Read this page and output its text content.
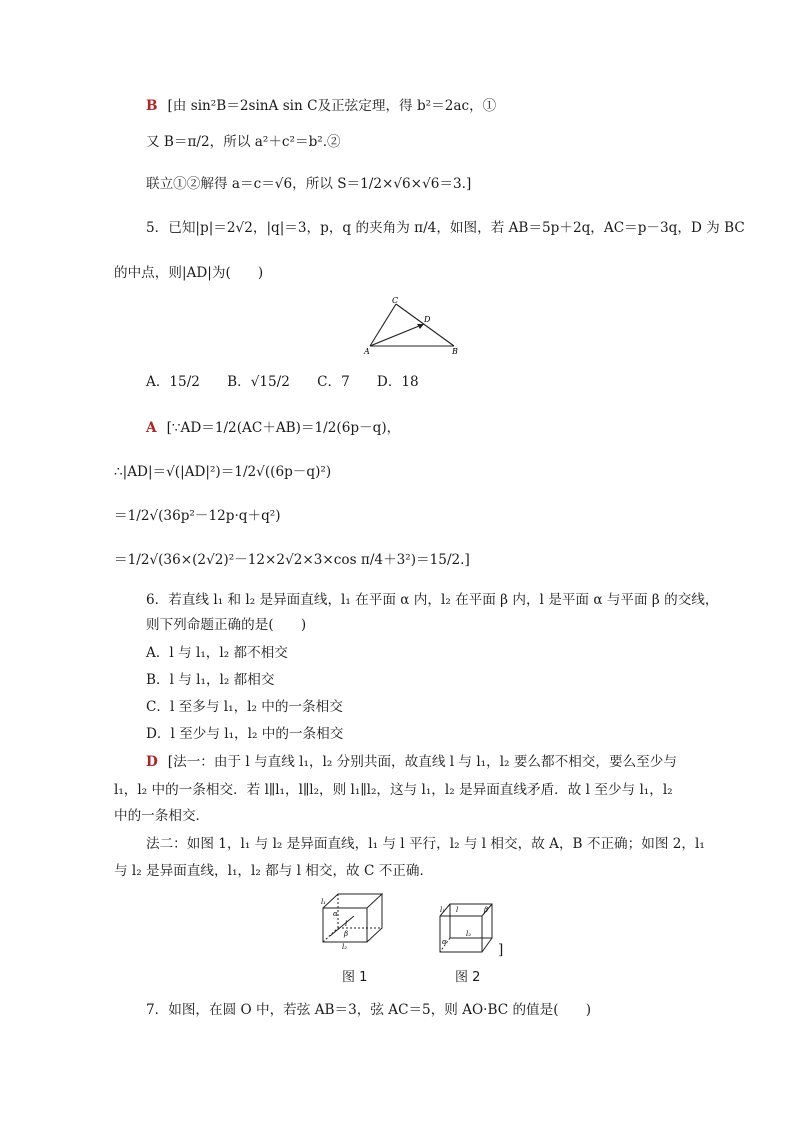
B [由 sin²B＝2sinA sin C及正弦定理，得 b²＝2ac，①
又 B＝π/2，所以 a²＋c²＝b².②
联立①②解得 a＝c＝√6，所以 S＝1/2×√6×√6＝3.]
5．已知|p|＝2√2，|q|＝3，p，q 的夹角为 π/4，如图，若 AB＝5p＋2q，AC＝p－3q，D 为 BC
的中点，则|AD|为(　　)
A	B
C
D
A．15/2　　B．√15/2　　C．7　　D．18
A [∵AD＝1/2(AC＋AB)＝1/2(6p－q)，
∴|AD|＝√(|AD|²)＝1/2√((6p－q)²)
＝1/2√(36p²－12p·q＋q²)
＝1/2√(36×(2√2)²－12×2√2×3×cos π/4＋3²)＝15/2.]
6．若直线 l₁ 和 l₂ 是异面直线，l₁ 在平面 α 内，l₂ 在平面 β 内，l 是平面 α 与平面 β 的交线，
则下列命题正确的是(　　)
A．l 与 l₁，l₂ 都不相交
B．l 与 l₁，l₂ 都相交
C．l 至多与 l₁，l₂ 中的一条相交
D．l 至少与 l₁，l₂ 中的一条相交
D [法一：由于 l 与直线 l₁，l₂ 分别共面，故直线 l 与 l₁，l₂ 要么都不相交，要么至少与
l₁，l₂ 中的一条相交．若 l∥l₁，l∥l₂，则 l₁∥l₂，这与 l₁，l₂ 是异面直线矛盾．故 l 至少与 l₁，l₂
中的一条相交．
法二：如图 1，l₁ 与 l₂ 是异面直线，l₁ 与 l 平行，l₂ 与 l 相交，故 A，B 不正确；如图 2，l₁
与 l₂ 是异面直线，l₁，l₂ 都与 l 相交，故 C 不正确．
l₁
α
l
β
l₂
图 1
l₁ l	β
α
l₂
]
图 2
7．如图，在圆 O 中，若弦 AB＝3，弦 AC＝5，则 AO·BC 的值是(　　)
